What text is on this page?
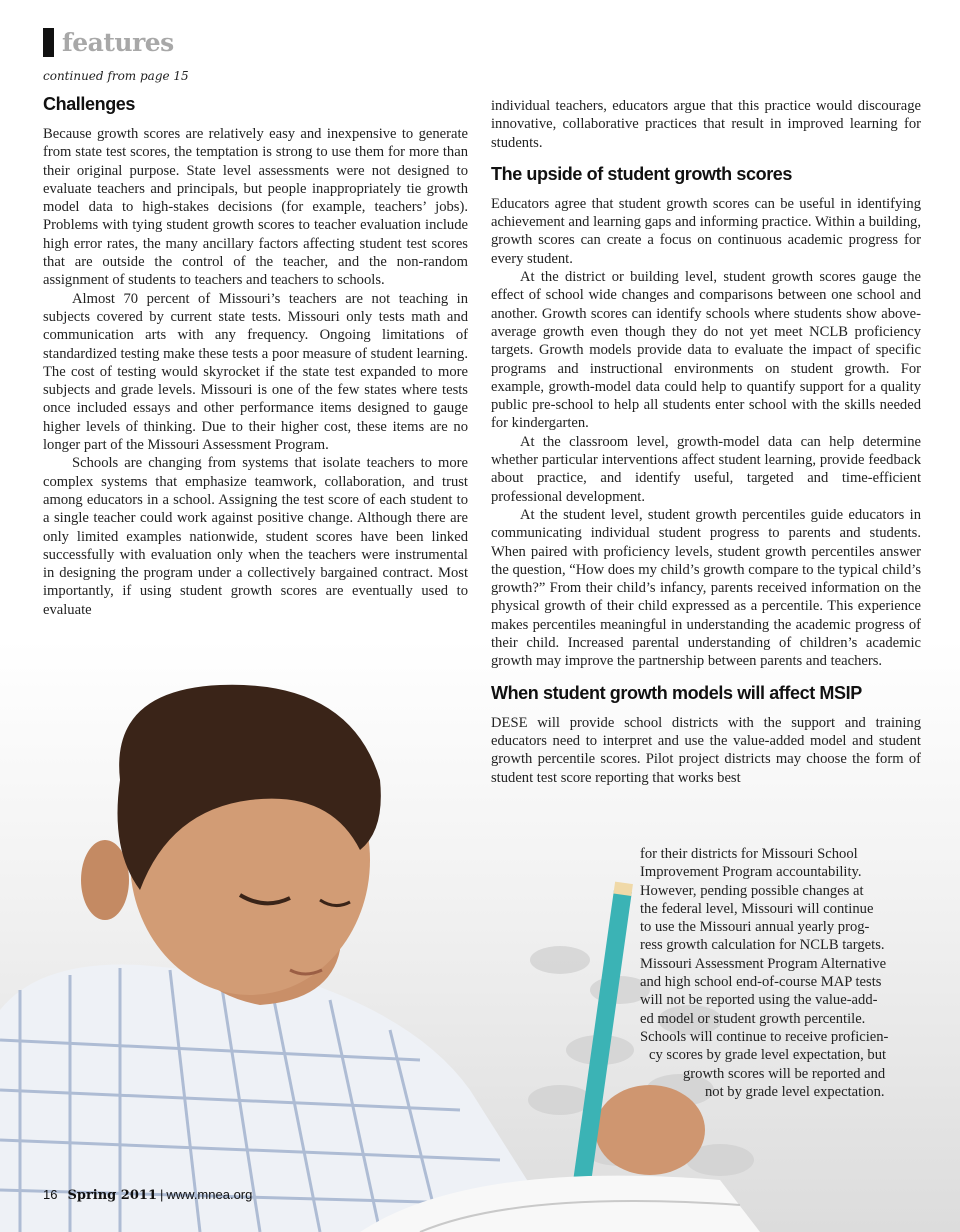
features
continued from page 15
Challenges

Because growth scores are relatively easy and inexpensive to generate from state test scores, the temptation is strong to use them for more than their original purpose. State level assessments were not designed to evaluate teachers and principals, but people inappropriately tie growth model data to high-stakes decisions (for example, teachers’ jobs). Problems with tying student growth scores to teacher evaluation include high error rates, the many ancillary factors affecting student test scores that are outside the control of the teacher, and the non-random assignment of students to teachers and teachers to schools.

Almost 70 percent of Missouri’s teachers are not teaching in subjects covered by current state tests. Missouri only tests math and communication arts with any frequency. Ongoing limitations of standardized testing make these tests a poor measure of student learning. The cost of testing would skyrocket if the state test expanded to more subjects and grade levels. Missouri is one of the few states where tests once included essays and other performance items designed to gauge higher levels of thinking. Due to their higher cost, these items are no longer part of the Missouri Assessment Program.

Schools are changing from systems that isolate teachers to more complex systems that emphasize teamwork, collaboration, and trust among educators in a school. Assigning the test score of each student to a single teacher could work against positive change. Although there are only limited examples nationwide, student scores have been linked successfully with evaluation only when the teachers were instrumental in designing the program under a collectively bargained contract. Most importantly, if using student growth scores are eventually used to evaluate

individual teachers, educators argue that this practice would discourage innovative, collaborative practices that result in improved learning for students.

The upside of student growth scores

Educators agree that student growth scores can be useful in identifying achievement and learning gaps and informing practice. Within a building, growth scores can create a focus on continuous academic progress for every student.

At the district or building level, student growth scores gauge the effect of school wide changes and comparisons between one school and another. Growth scores can identify schools where students show above-average growth even though they do not yet meet NCLB proficiency targets. Growth models provide data to evaluate the impact of specific programs and instructional environments on student growth. For example, growth-model data could help to quantify support for a quality public pre-school to help all students enter school with the skills needed for kindergarten.

At the classroom level, growth-model data can help determine whether particular interventions affect student learning, provide feedback about practice, and identify useful, targeted and time-efficient professional development.

At the student level, student growth percentiles guide educators in communicating individual student progress to parents and students. When paired with proficiency levels, student growth percentiles answer the question, “How does my child’s growth compare to the typical child’s growth?” From their child’s infancy, parents received information on the physical growth of their child expressed as a percentile. This experience makes percentiles meaningful in understanding the academic progress of their child. Increased parental understanding of children’s academic growth may improve the partnership between parents and teachers.

When student growth models will affect MSIP

DESE will provide school districts with the support and training educators need to interpret and use the value-added model and student growth percentile scores. Pilot project districts may choose the form of student test score reporting that works best

for their districts for Missouri School
Improvement Program accountability.
However, pending possible changes at
the federal level, Missouri will continue
to use the Missouri annual yearly prog-
ress growth calculation for NCLB targets.
Missouri Assessment Program Alternative
and high school end-of-course MAP tests
will not be reported using the value-add-
ed model or student growth percentile.
Schools will continue to receive proficien-
cy scores by grade level expectation, but
growth scores will be reported and
not by grade level expectation.
16 Spring 2011 | www.mnea.org
